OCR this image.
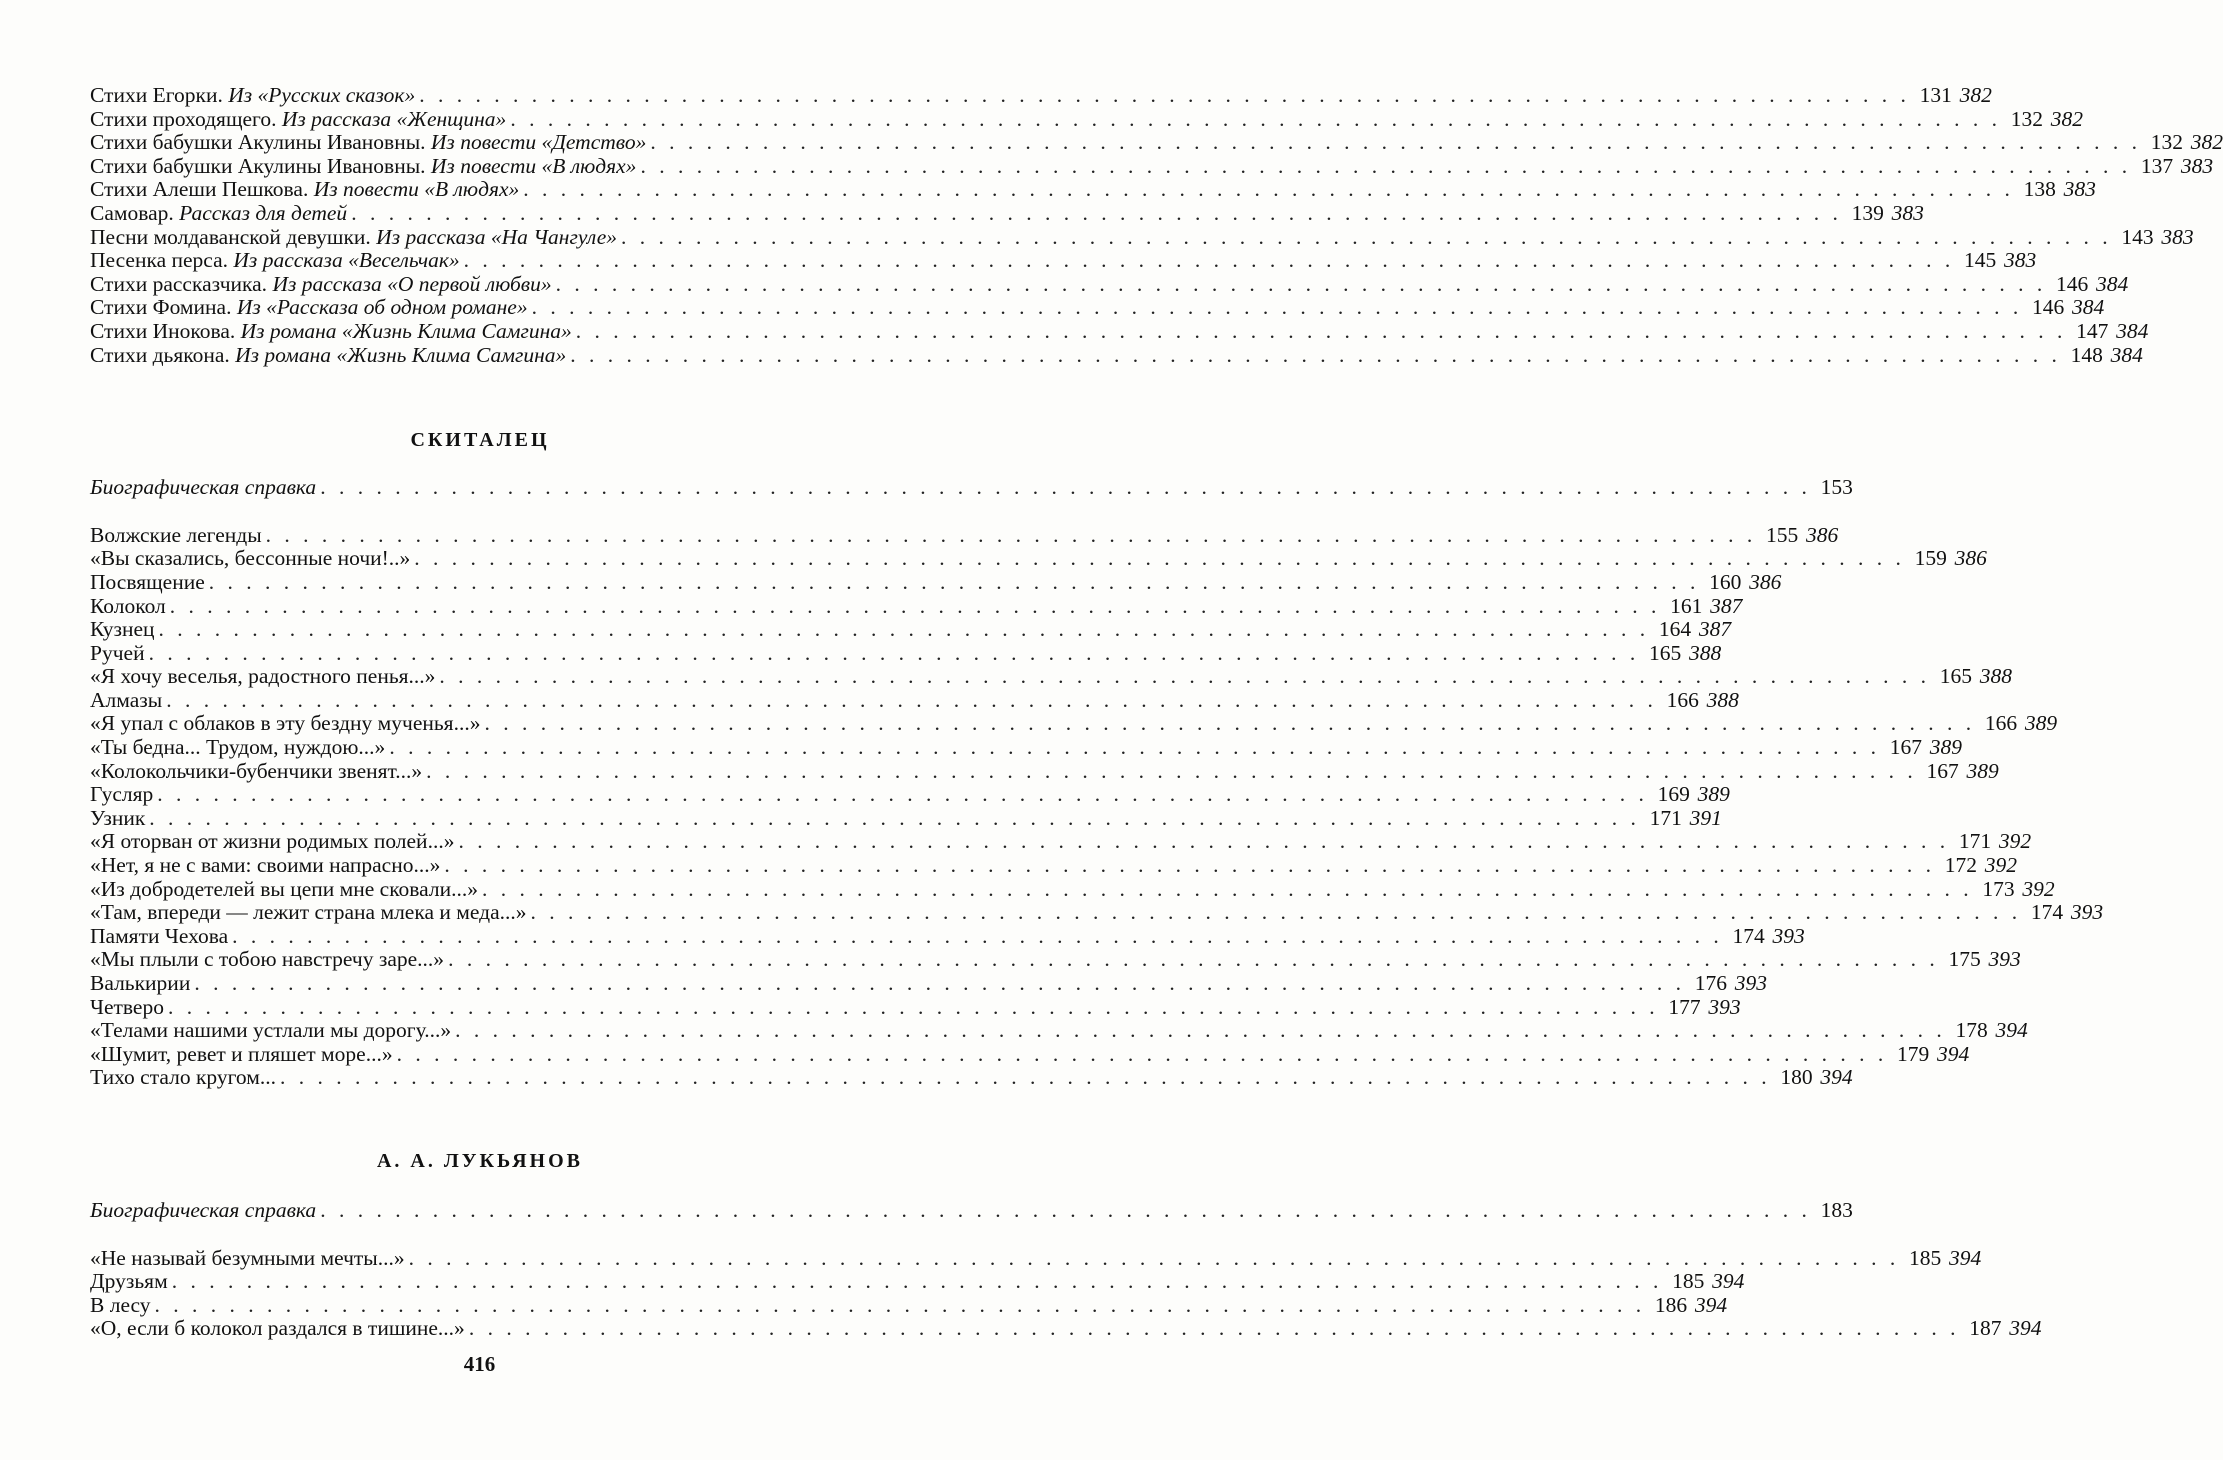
Стихи Егорки. Из «Русских сказок» . . .	131 382
Стихи проходящего. Из рассказа «Женщина» . . .	132 382
Стихи бабушки Акулины Ивановны. Из повести «Детство» . . .	132 382
Стихи бабушки Акулины Ивановны. Из повести «В людях» . . .	137 383
Стихи Алеши Пешкова. Из повести «В людях» . . .	138 383
Самовар. Рассказ для детей . . .	139 383
Песни молдаванской девушки. Из рассказа «На Чангуле» . . .	143 383
Песенка перса. Из рассказа «Весельчак» . . .	145 383
Стихи рассказчика. Из рассказа «О первой любви» . . .	146 384
Стихи Фомина. Из «Рассказа об одном романе» . . .	146 384
Стихи Инокова. Из романа «Жизнь Клима Самгина» . . .	147 384
Стихи дьякона. Из романа «Жизнь Клима Самгина» . . .	148 384
СКИТАЛЕЦ
Биографическая справка . . .	153
Волжские легенды . . .	155 386
«Вы сказались, бессонные ночи!..» . . .	159 386
Посвящение . . .	160 386
Колокол . . .	161 387
Кузнец . . .	164 387
Ручей . . .	165 388
«Я хочу веселья, радостного пенья...» . . .	165 388
Алмазы . . .	166 388
«Я упал с облаков в эту бездну мученья...» . . .	166 389
«Ты бедна... Трудом, нуждою...» . . .	167 389
«Колокольчики-бубенчики звенят...» . . .	167 389
Гусляр . . .	169 389
Узник . . .	171 391
«Я оторван от жизни родимых полей...» . . .	171 392
«Нет, я не с вами: своими напрасно...» . . .	172 392
«Из добродетелей вы цепи мне сковали...» . . .	173 392
«Там, впереди — лежит страна млека и меда...» . . .	174 393
Памяти Чехова . . .	174 393
«Мы плыли с тобою навстречу заре...» . . .	175 393
Валькирии . . .	176 393
Четверо . . .	177 393
«Телами нашими устлали мы дорогу...» . . .	178 394
«Шумит, ревет и пляшет море...» . . .	179 394
Тихо стало кругом... . . .	180 394
А. А. ЛУКЬЯНОВ
Биографическая справка . . .	183
«Не называй безумными мечты...» . . .	185 394
Друзьям . . .	185 394
В лесу . . .	186 394
«О, если б колокол раздался в тишине...» . . .	187 394
416
